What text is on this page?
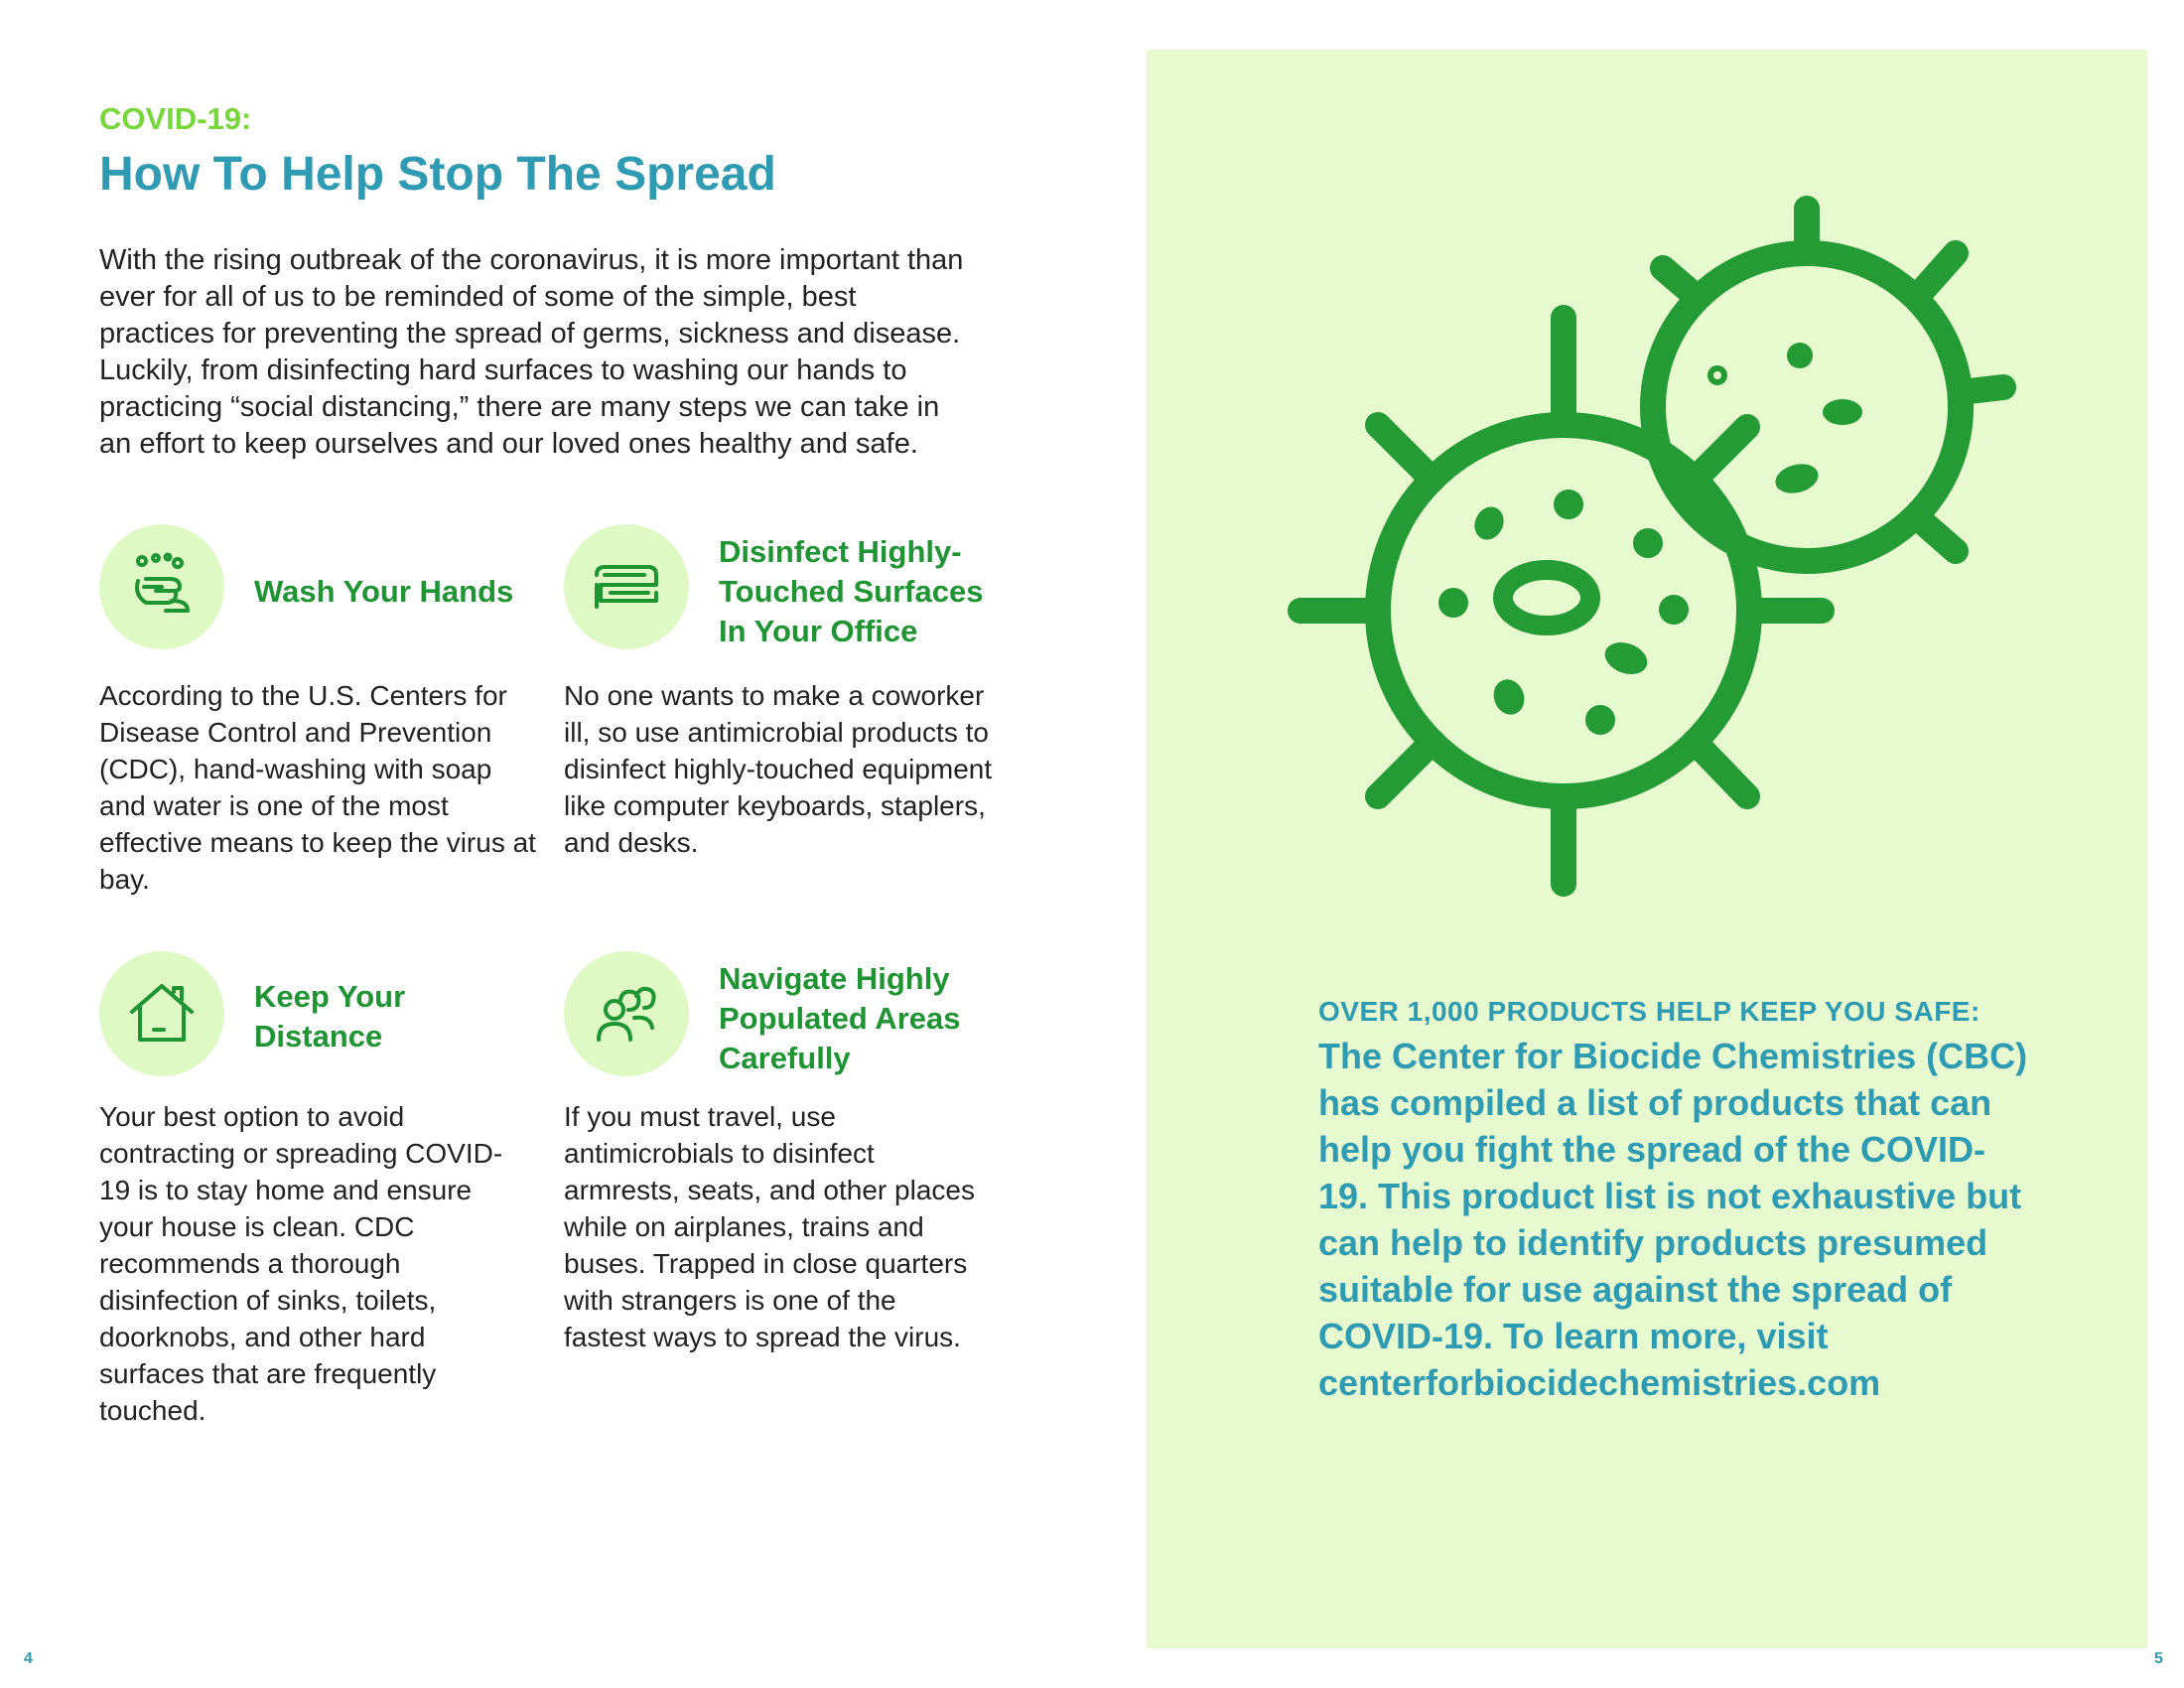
COVID-19:
How To Help Stop The Spread
With the rising outbreak of the coronavirus, it is more important than ever for all of us to be reminded of some of the simple, best practices for preventing the spread of germs, sickness and disease. Luckily, from disinfecting hard surfaces to washing our hands to practicing “social distancing,” there are many steps we can take in an effort to keep ourselves and our loved ones healthy and safe.
Wash Your Hands
According to the U.S. Centers for Disease Control and Prevention (CDC), hand-washing with soap and water is one of the most effective means to keep the virus at bay.
Disinfect Highly-Touched Surfaces In Your Office
No one wants to make a coworker ill, so use antimicrobial products to disinfect highly-touched equipment like computer keyboards, staplers, and desks.
Keep Your Distance
Your best option to avoid contracting or spreading COVID-19 is to stay home and ensure your house is clean. CDC recommends a thorough disinfection of sinks, toilets, doorknobs, and other hard surfaces that are frequently touched.
Navigate Highly Populated Areas Carefully
If you must travel, use antimicrobials to disinfect armrests, seats, and other places while on airplanes, trains and buses. Trapped in close quarters with strangers is one of the fastest ways to spread the virus.
4
OVER 1,000 PRODUCTS HELP KEEP YOU SAFE:
The Center for Biocide Chemistries (CBC) has compiled a list of products that can help you fight the spread of the COVID-19. This product list is not exhaustive but can help to identify products presumed suitable for use against the spread of COVID-19. To learn more, visit centerforbiocidechemistries.com
5
